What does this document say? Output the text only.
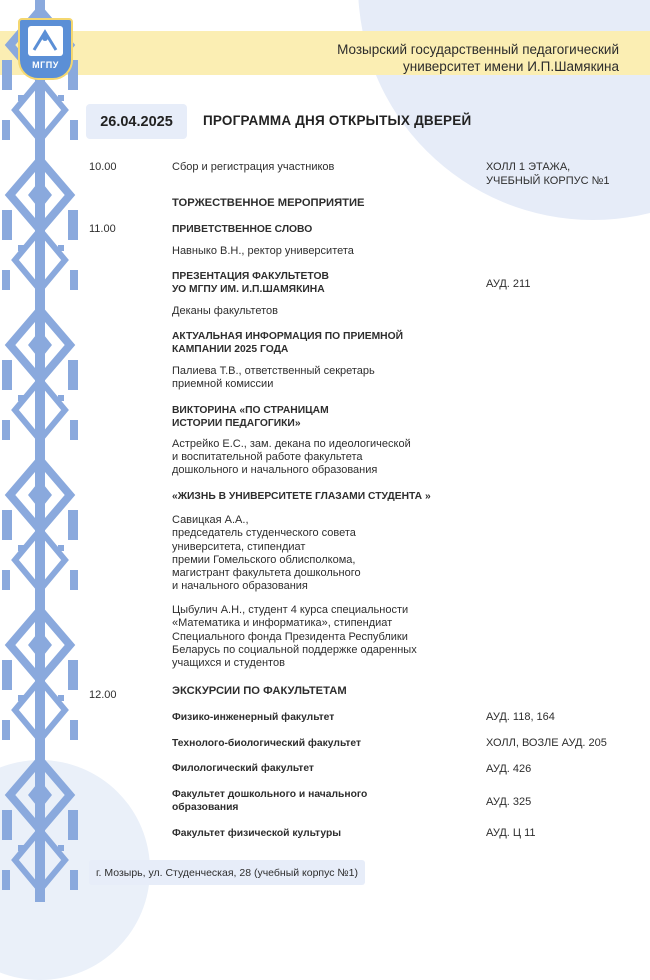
МГПУ
Мозырский государственный педагогический
университет имени И.П.Шамякина
26.04.2025	ПРОГРАММА ДНЯ ОТКРЫТЫХ ДВЕРЕЙ
10.00	Сбор и регистрация участников	ХОЛЛ 1 ЭТАЖА,
УЧЕБНЫЙ КОРПУС №1
ТОРЖЕСТВЕННОЕ МЕРОПРИЯТИЕ
11.00	ПРИВЕТСТВЕННОЕ СЛОВО
Навныко В.Н., ректор университета
ПРЕЗЕНТАЦИЯ ФАКУЛЬТЕТОВ
УО МГПУ ИМ. И.П.ШАМЯКИНА	АУД. 211
Деканы факультетов
АКТУАЛЬНАЯ ИНФОРМАЦИЯ ПО ПРИЕМНОЙ
КАМПАНИИ 2025 ГОДА
Палиева Т.В., ответственный секретарь
приемной комиссии
ВИКТОРИНА «ПО СТРАНИЦАМ
ИСТОРИИ ПЕДАГОГИКИ»
Астрейко Е.С., зам. декана по идеологической
и воспитательной работе факультета
дошкольного и начального образования
«ЖИЗНЬ В УНИВЕРСИТЕТЕ ГЛАЗАМИ СТУДЕНТА »
Савицкая А.А.,
председатель студенческого совета
университета, стипендиат
премии Гомельского облисполкома,
магистрант факультета дошкольного
и начального образования
Цыбулич А.Н., студент 4 курса специальности
«Математика и информатика», стипендиат
Специального фонда Президента Республики
Беларусь по социальной поддержке одаренных
учащихся и студентов
12.00	ЭКСКУРСИИ ПО ФАКУЛЬТЕТАМ
Физико-инженерный факультет	АУД. 118, 164
Технолого-биологический факультет	ХОЛЛ, ВОЗЛЕ АУД. 205
Филологический факультет	АУД. 426
Факультет дошкольного и начального
образования	АУД. 325
Факультет физической культуры	АУД. Ц 11
г. Мозырь, ул. Студенческая, 28 (учебный корпус №1)
